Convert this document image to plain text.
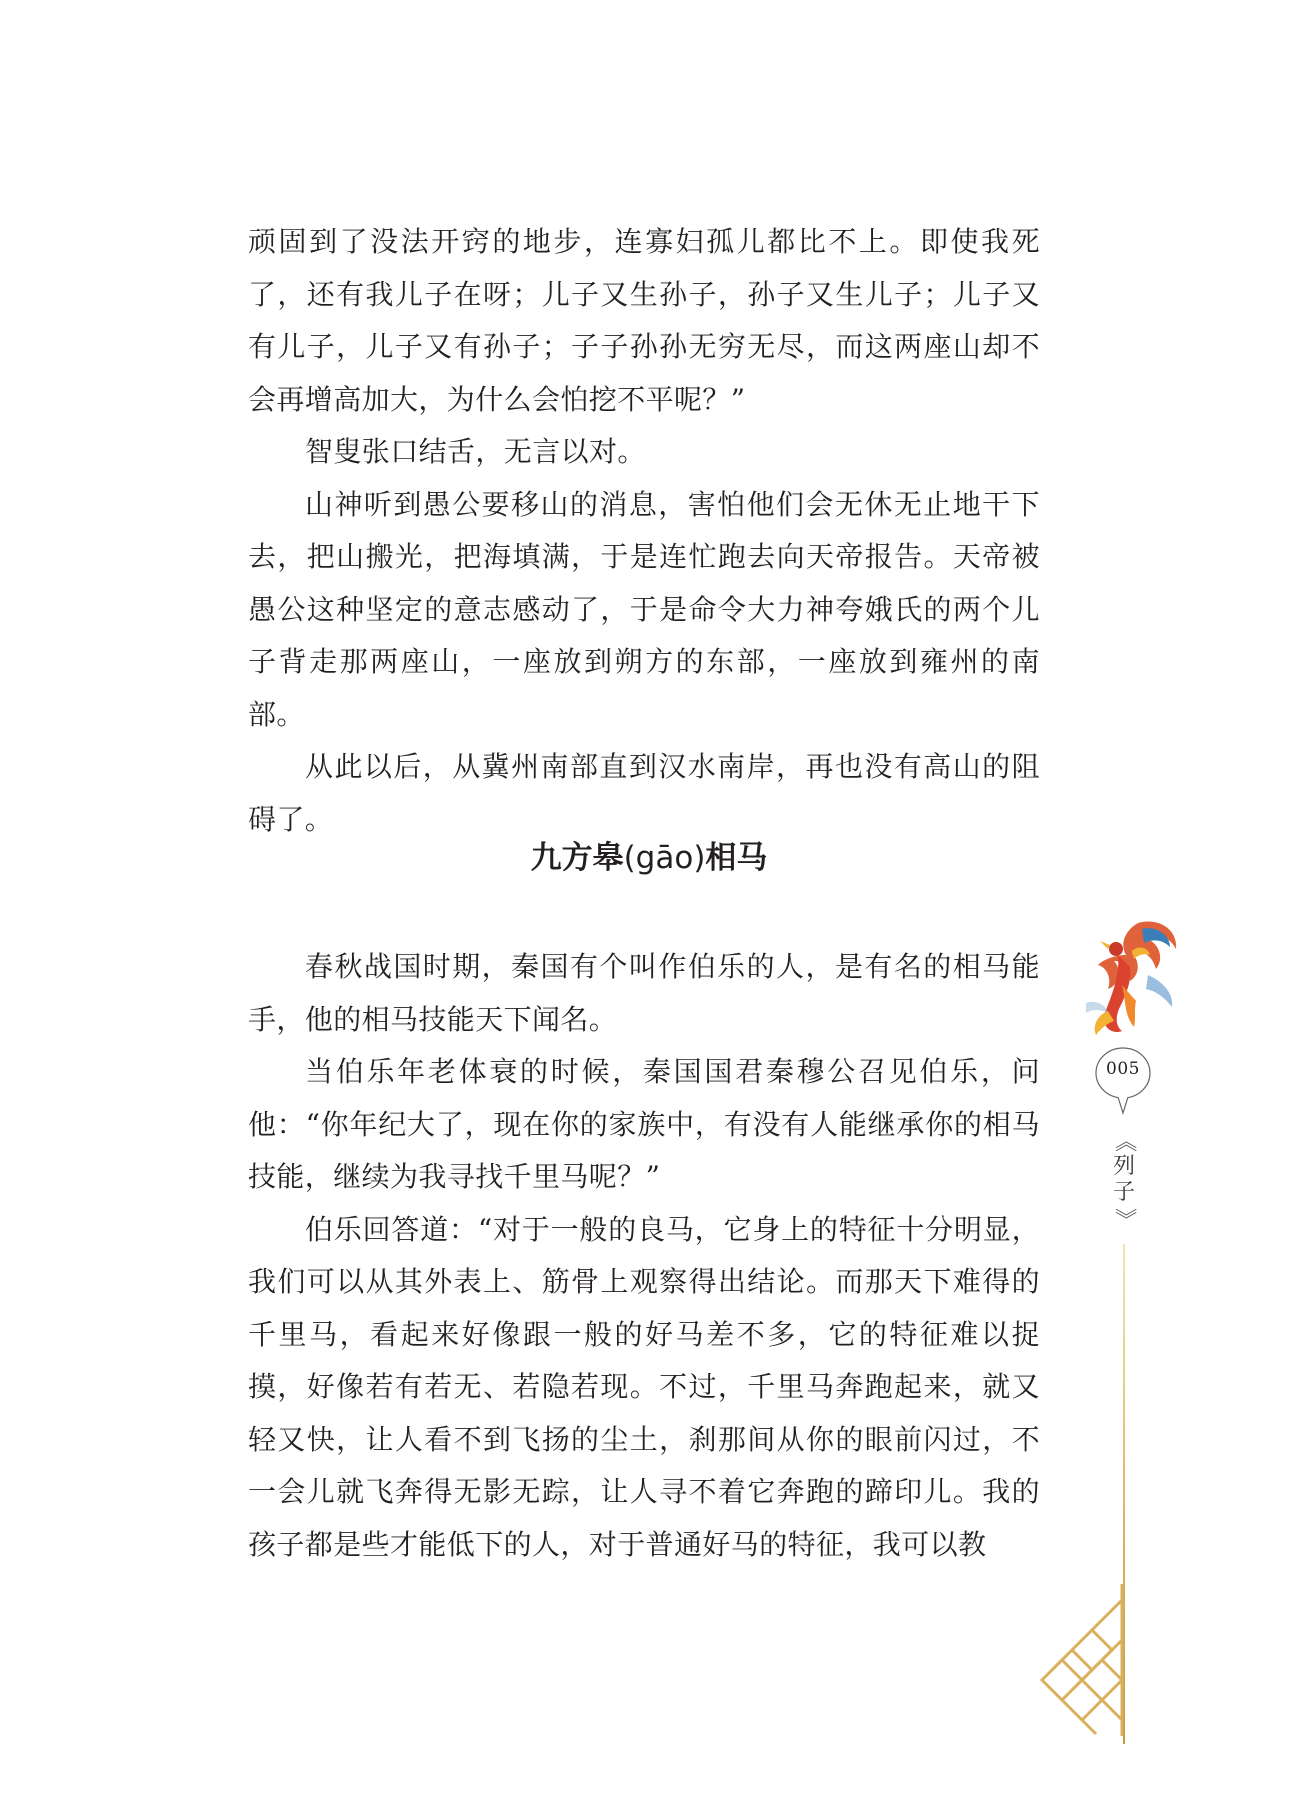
顽固到了没法开窍的地步，连寡妇孤儿都比不上。即使我死了，还有我儿子在呀；儿子又生孙子，孙子又生儿子；儿子又有儿子，儿子又有孙子；子子孙孙无穷无尽，而这两座山却不会再增高加大，为什么会怕挖不平呢？”

智叟张口结舌，无言以对。

山神听到愚公要移山的消息，害怕他们会无休无止地干下去，把山搬光，把海填满，于是连忙跑去向天帝报告。天帝被愚公这种坚定的意志感动了，于是命令大力神夸娥氏的两个儿子背走那两座山，一座放到朔方的东部，一座放到雍州的南部。

从此以后，从冀州南部直到汉水南岸，再也没有高山的阻碍了。

九方皋(gāo)相马

春秋战国时期，秦国有个叫作伯乐的人，是有名的相马能手，他的相马技能天下闻名。

当伯乐年老体衰的时候，秦国国君秦穆公召见伯乐，问他：“你年纪大了，现在你的家族中，有没有人能继承你的相马技能，继续为我寻找千里马呢？”

伯乐回答道：“对于一般的良马，它身上的特征十分明显，我们可以从其外表上、筋骨上观察得出结论。而那天下难得的千里马，看起来好像跟一般的好马差不多，它的特征难以捉摸，好像若有若无、若隐若现。不过，千里马奔跑起来，就又轻又快，让人看不到飞扬的尘土，刹那间从你的眼前闪过，不一会儿就飞奔得无影无踪，让人寻不着它奔跑的蹄印儿。我的孩子都是些才能低下的人，对于普通好马的特征，我可以教

005
《
列
子
》
